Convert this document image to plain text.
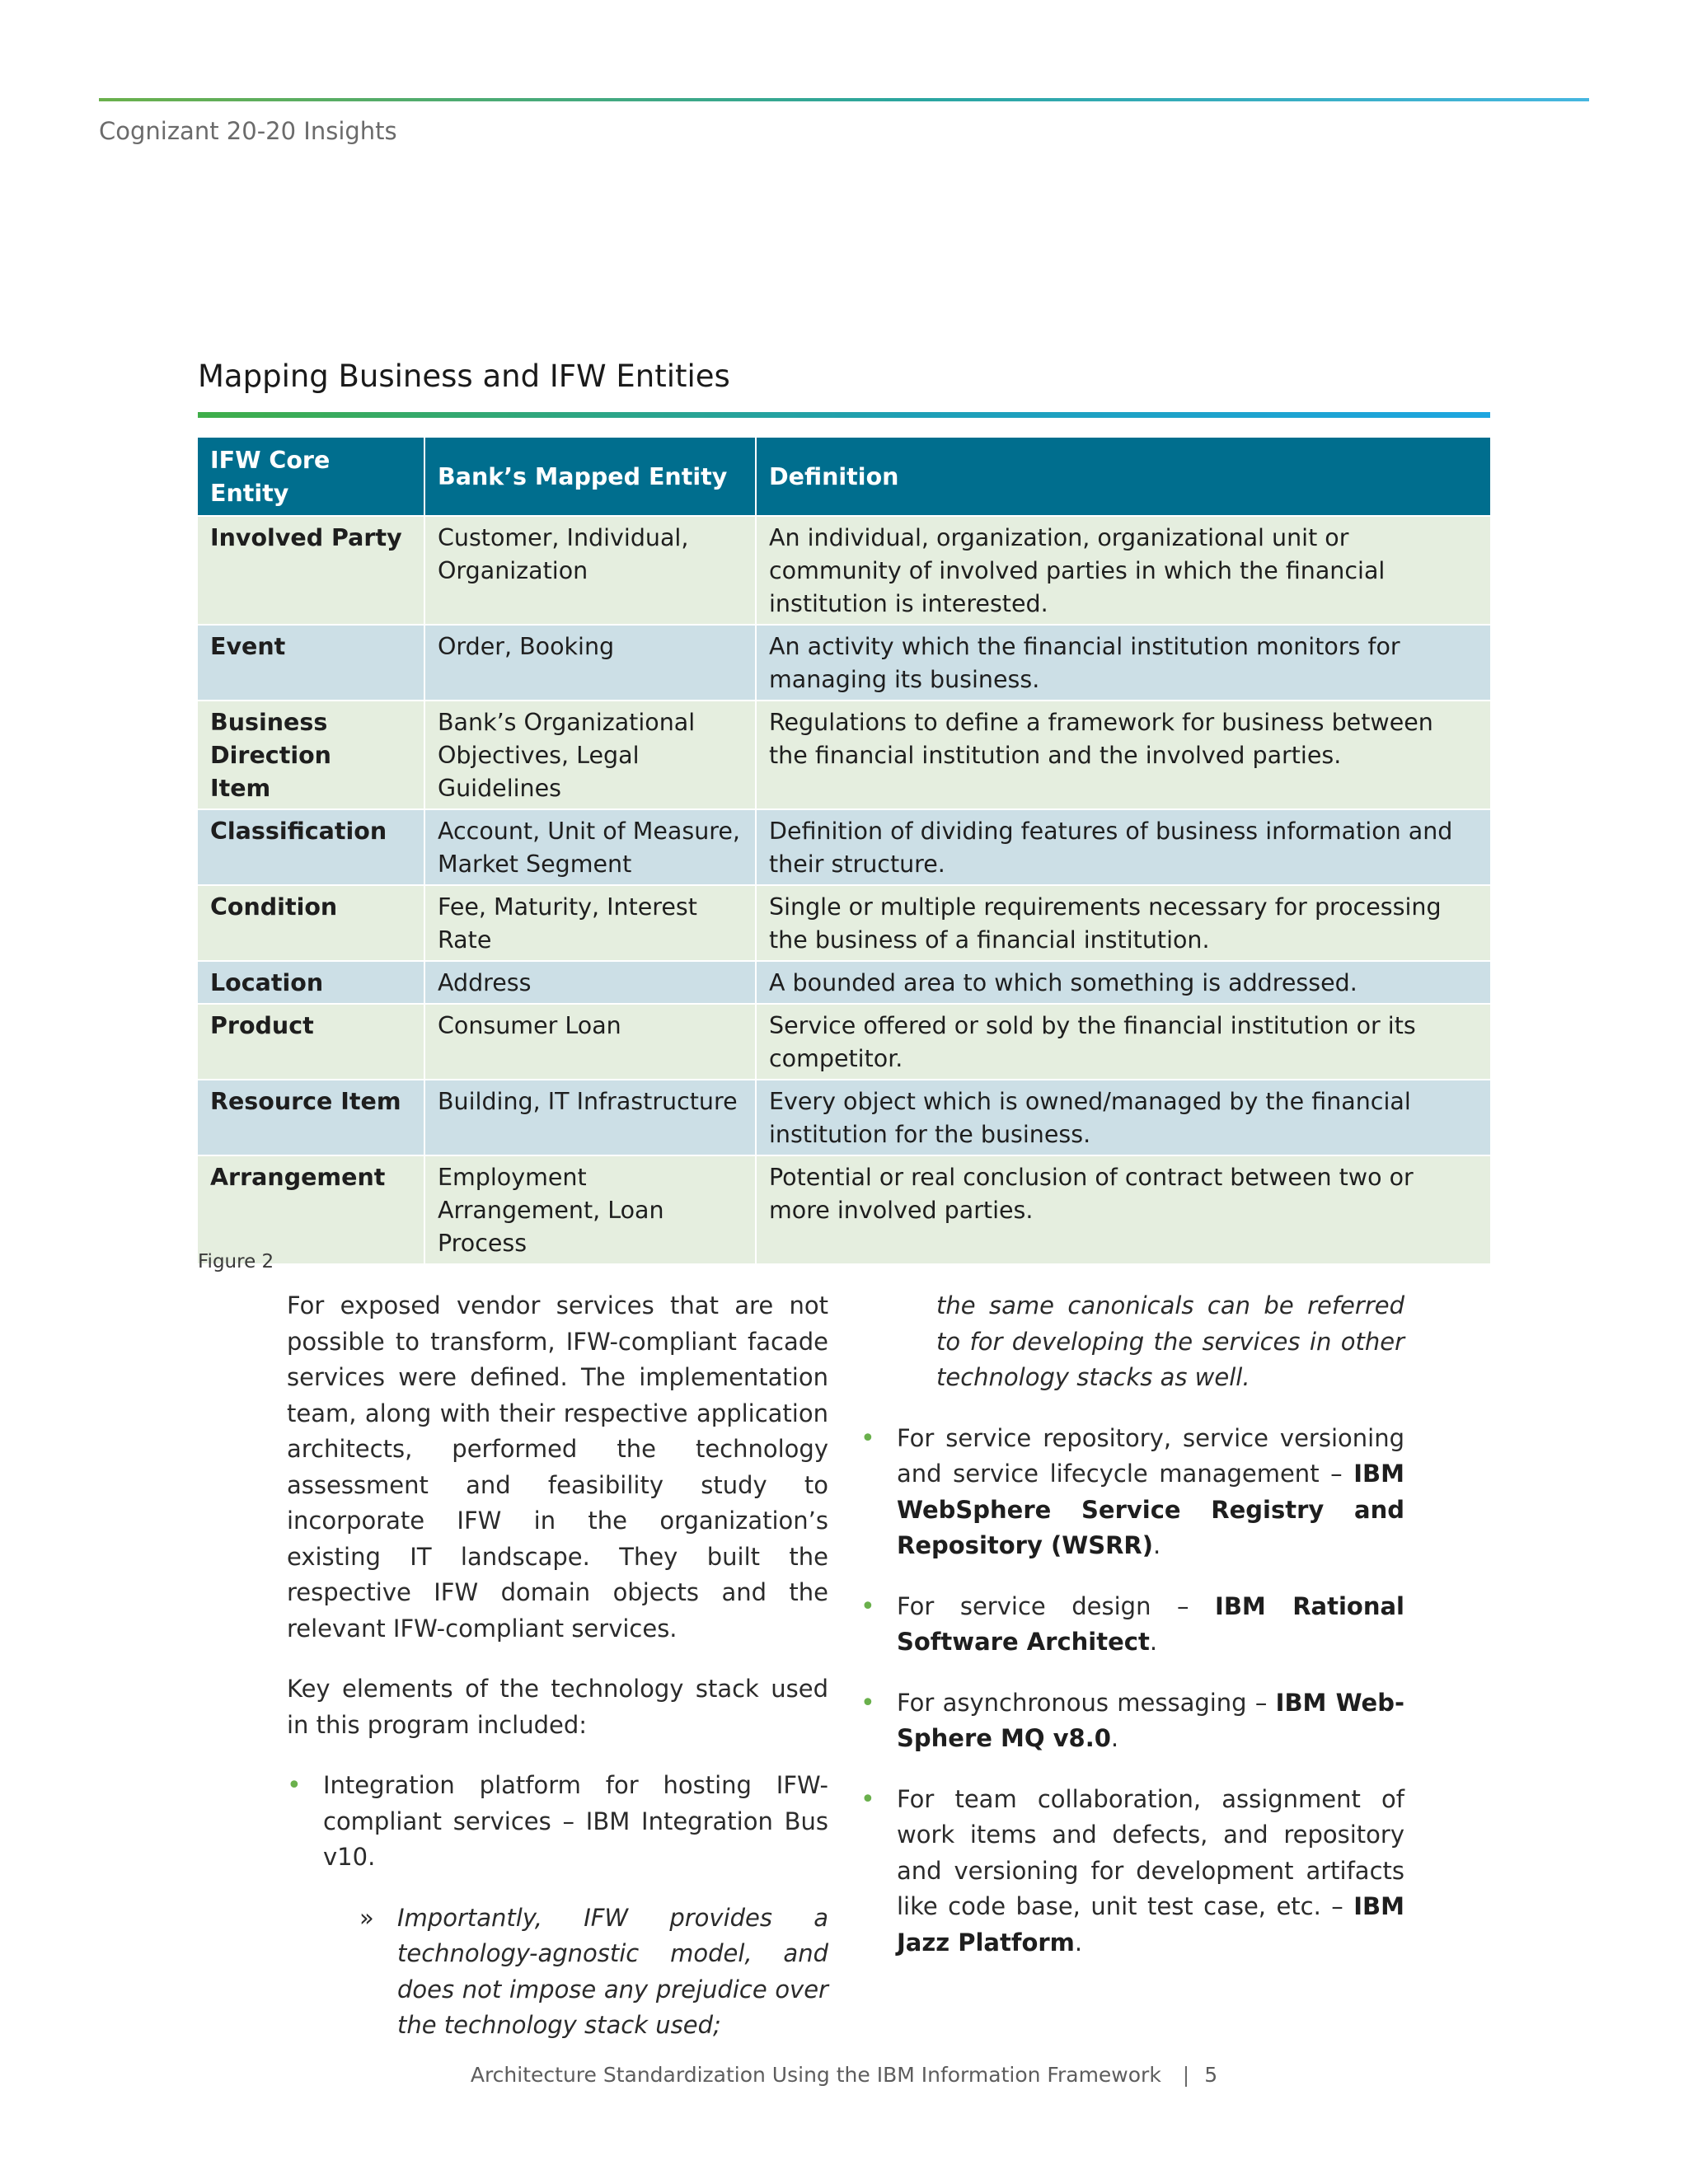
Cognizant 20-20 Insights
Mapping Business and IFW Entities
IFW Core Entity	Bank’s Mapped Entity	Definition
Involved Party	Customer, Individual, Organization	An individual, organization, organizational unit or community of involved parties in which the financial institution is interested.
Event	Order, Booking	An activity which the financial institution monitors for managing its business.
Business Direction Item	Bank’s Organizational Objectives, Legal Guidelines	Regulations to define a framework for business between the financial institution and the involved parties.
Classification	Account, Unit of Measure, Market Segment	Definition of dividing features of business information and their structure.
Condition	Fee, Maturity, Interest Rate	Single or multiple requirements necessary for processing the business of a financial institution.
Location	Address	A bounded area to which something is addressed.
Product	Consumer Loan	Service offered or sold by the financial institution or its competitor.
Resource Item	Building, IT Infrastructure	Every object which is owned/managed by the financial institution for the business.
Arrangement	Employment Arrangement, Loan Process	Potential or real conclusion of contract between two or more involved parties.
Figure 2

For exposed vendor services that are not possible to transform, IFW-compliant facade services were defined. The implementation team, along with their respective application architects, performed the technology assessment and feasibility study to incorporate IFW in the organization’s existing IT landscape. They built the respective IFW domain objects and the relevant IFW-compliant services.

Key elements of the technology stack used in this program included:

• Integration platform for hosting IFW-compliant services – IBM Integration Bus v10.
» Importantly, IFW provides a technology-agnostic model, and does not impose any prejudice over the technology stack used;

the same canonicals can be referred to for developing the services in other technology stacks as well.

• For service repository, service versioning and service lifecycle management – IBM WebSphere Service Registry and Repository (WSRR).
• For service design – IBM Rational Software Architect.
• For asynchronous messaging – IBM WebSphere MQ v8.0.
• For team collaboration, assignment of work items and defects, and repository and versioning for development artifacts like code base, unit test case, etc. – IBM Jazz Platform.
Architecture Standardization Using the IBM Information Framework | 5
